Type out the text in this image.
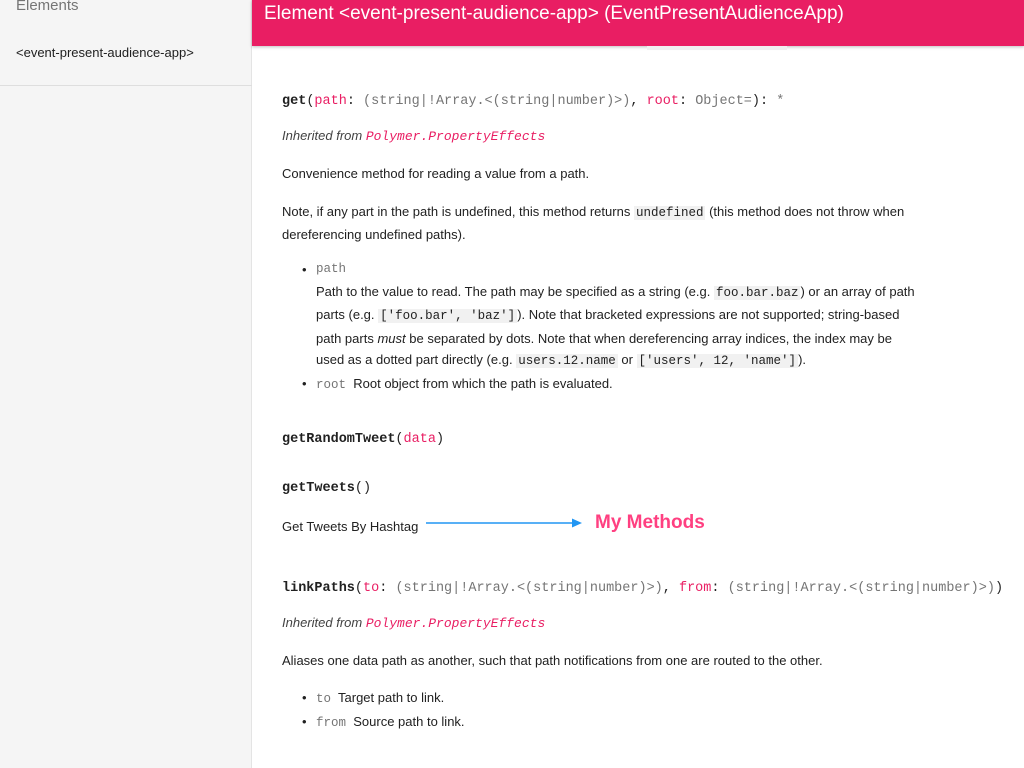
Elements
<event-present-audience-app>
Element <event-present-audience-app> (EventPresentAudienceApp)
get(path: (string|!Array.<(string|number)>), root: Object=): *
Inherited from Polymer.PropertyEffects
Convenience method for reading a value from a path.
Note, if any part in the path is undefined, this method returns undefined (this method does not throw when dereferencing undefined paths).
• path
Path to the value to read. The path may be specified as a string (e.g. foo.bar.baz ) or an array of path parts (e.g. ['foo.bar', 'baz'] ). Note that bracketed expressions are not supported; string-based path parts must be separated by dots. Note that when dereferencing array indices, the index may be used as a dotted part directly (e.g. users.12.name or ['users', 12, 'name'] ).
• root Root object from which the path is evaluated.
getRandomTweet(data)
getTweets()
Get Tweets By Hashtag	My Methods
linkPaths(to: (string|!Array.<(string|number)>), from: (string|!Array.<(string|number)>))
Inherited from Polymer.PropertyEffects
Aliases one data path as another, such that path notifications from one are routed to the other.
• to Target path to link.
• from Source path to link.
